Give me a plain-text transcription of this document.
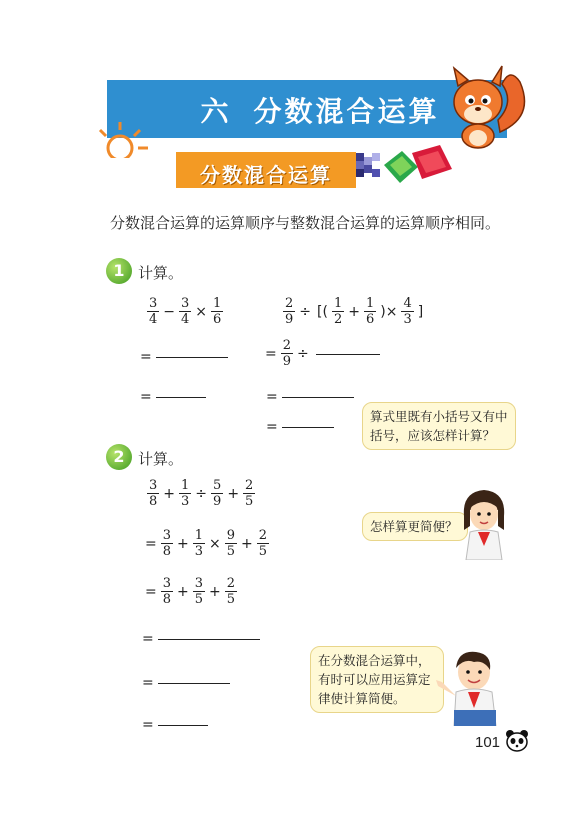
六 分数混合运算
分数混合运算
分数混合运算的运算顺序与整数混合运算的运算顺序相同。
1 计算。
$\frac{3}{4} - \frac{3}{4} \times \frac{1}{6}$
=
=
$\frac{2}{9}$ ÷ [( $\frac{1}{2} + \frac{1}{6}$ )× $\frac{4}{3}$ ]
= $\frac{2}{9}$ ÷
=
=
算式里既有小括号又有中括号，应该怎样计算？
2 计算。
$\frac{3}{8} + \frac{1}{3} \div \frac{5}{9} + \frac{2}{5}$
= $\frac{3}{8} + \frac{1}{3} \times \frac{9}{5} + \frac{2}{5}$
= $\frac{3}{8} + \frac{3}{5} + \frac{2}{5}$
=
=
=
怎样算更简便？
在分数混合运算中，有时可以应用运算定律使计算简便。
101
